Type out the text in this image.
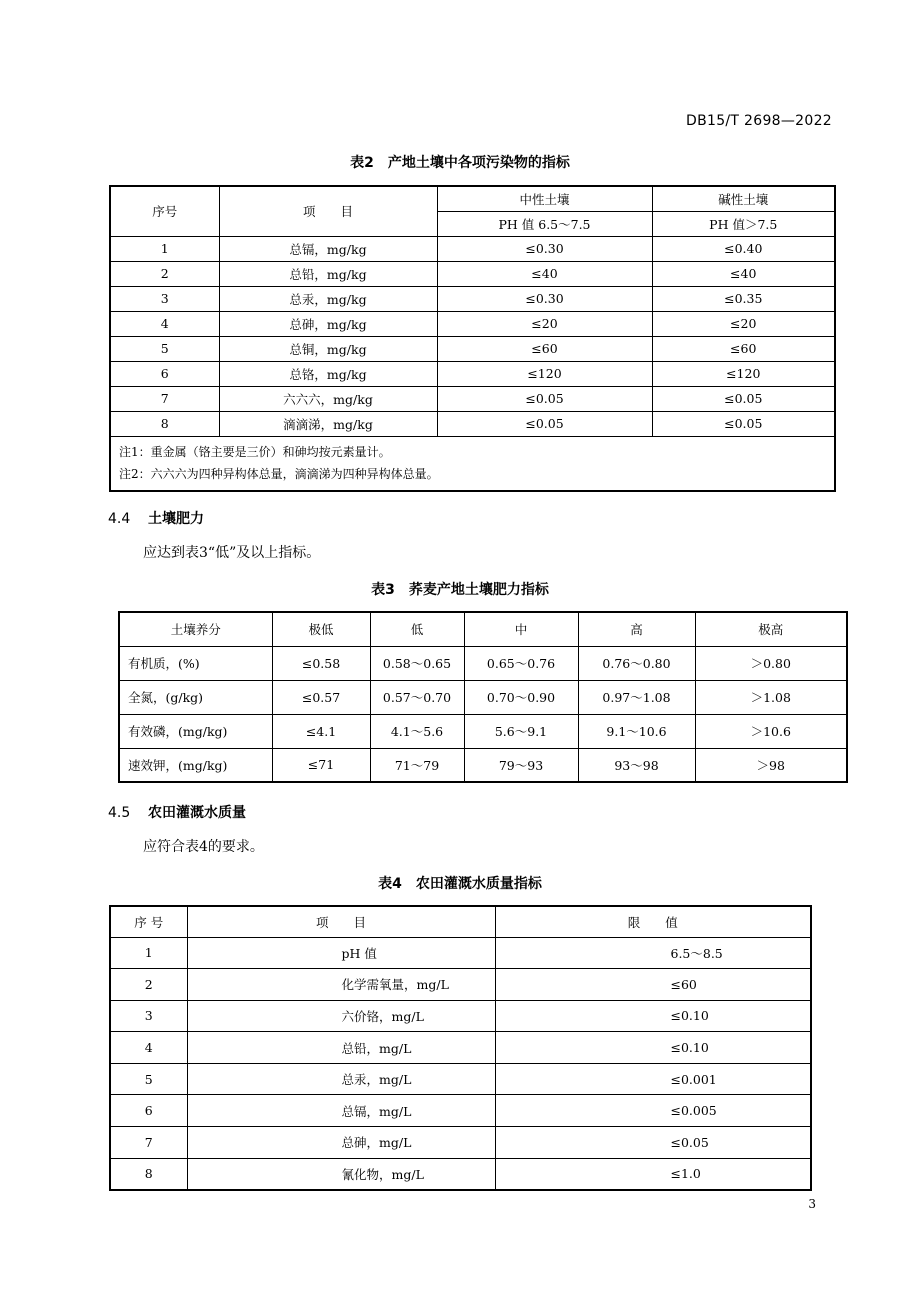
DB15/T 2698—2022
表2　产地土壤中各项污染物的指标
序号	项　　目	中性土壤	碱性土壤
		PH 值 6.5～7.5	PH 值＞7.5
1	总镉，mg/kg	≤0.30	≤0.40
2	总铅，mg/kg	≤40	≤40
3	总汞，mg/kg	≤0.30	≤0.35
4	总砷，mg/kg	≤20	≤20
5	总铜，mg/kg	≤60	≤60
6	总铬，mg/kg	≤120	≤120
7	六六六，mg/kg	≤0.05	≤0.05
8	滴滴涕，mg/kg	≤0.05	≤0.05

注1：重金属（铬主要是三价）和砷均按元素量计。
注2：六六六为四种异构体总量，滴滴涕为四种异构体总量。			
4.4 土壤肥力
应达到表3“低”及以上指标。
表3　荞麦产地土壤肥力指标
土壤养分	极低	低	中	高	极高
有机质，(%)	≤0.58	0.58～0.65	0.65～0.76	0.76～0.80	＞0.80
全氮，(g/kg)	≤0.57	0.57～0.70	0.70～0.90	0.97～1.08	＞1.08
有效磷，(mg/kg)	≤4.1	4.1～5.6	5.6～9.1	9.1～10.6	＞10.6
速效钾，(mg/kg)	≤71	71～79	79～93	93～98	＞98
4.5 农田灌溉水质量
应符合表4的要求。
表4　农田灌溉水质量指标
序 号	项　　目	限　　值
1	pH 值	6.5～8.5
2	化学需氧量，mg/L	≤60
3	六价铬，mg/L	≤0.10
4	总铅，mg/L	≤0.10
5	总汞，mg/L	≤0.001
6	总镉，mg/L	≤0.005
7	总砷，mg/L	≤0.05
8	氰化物，mg/L	≤1.0
3
